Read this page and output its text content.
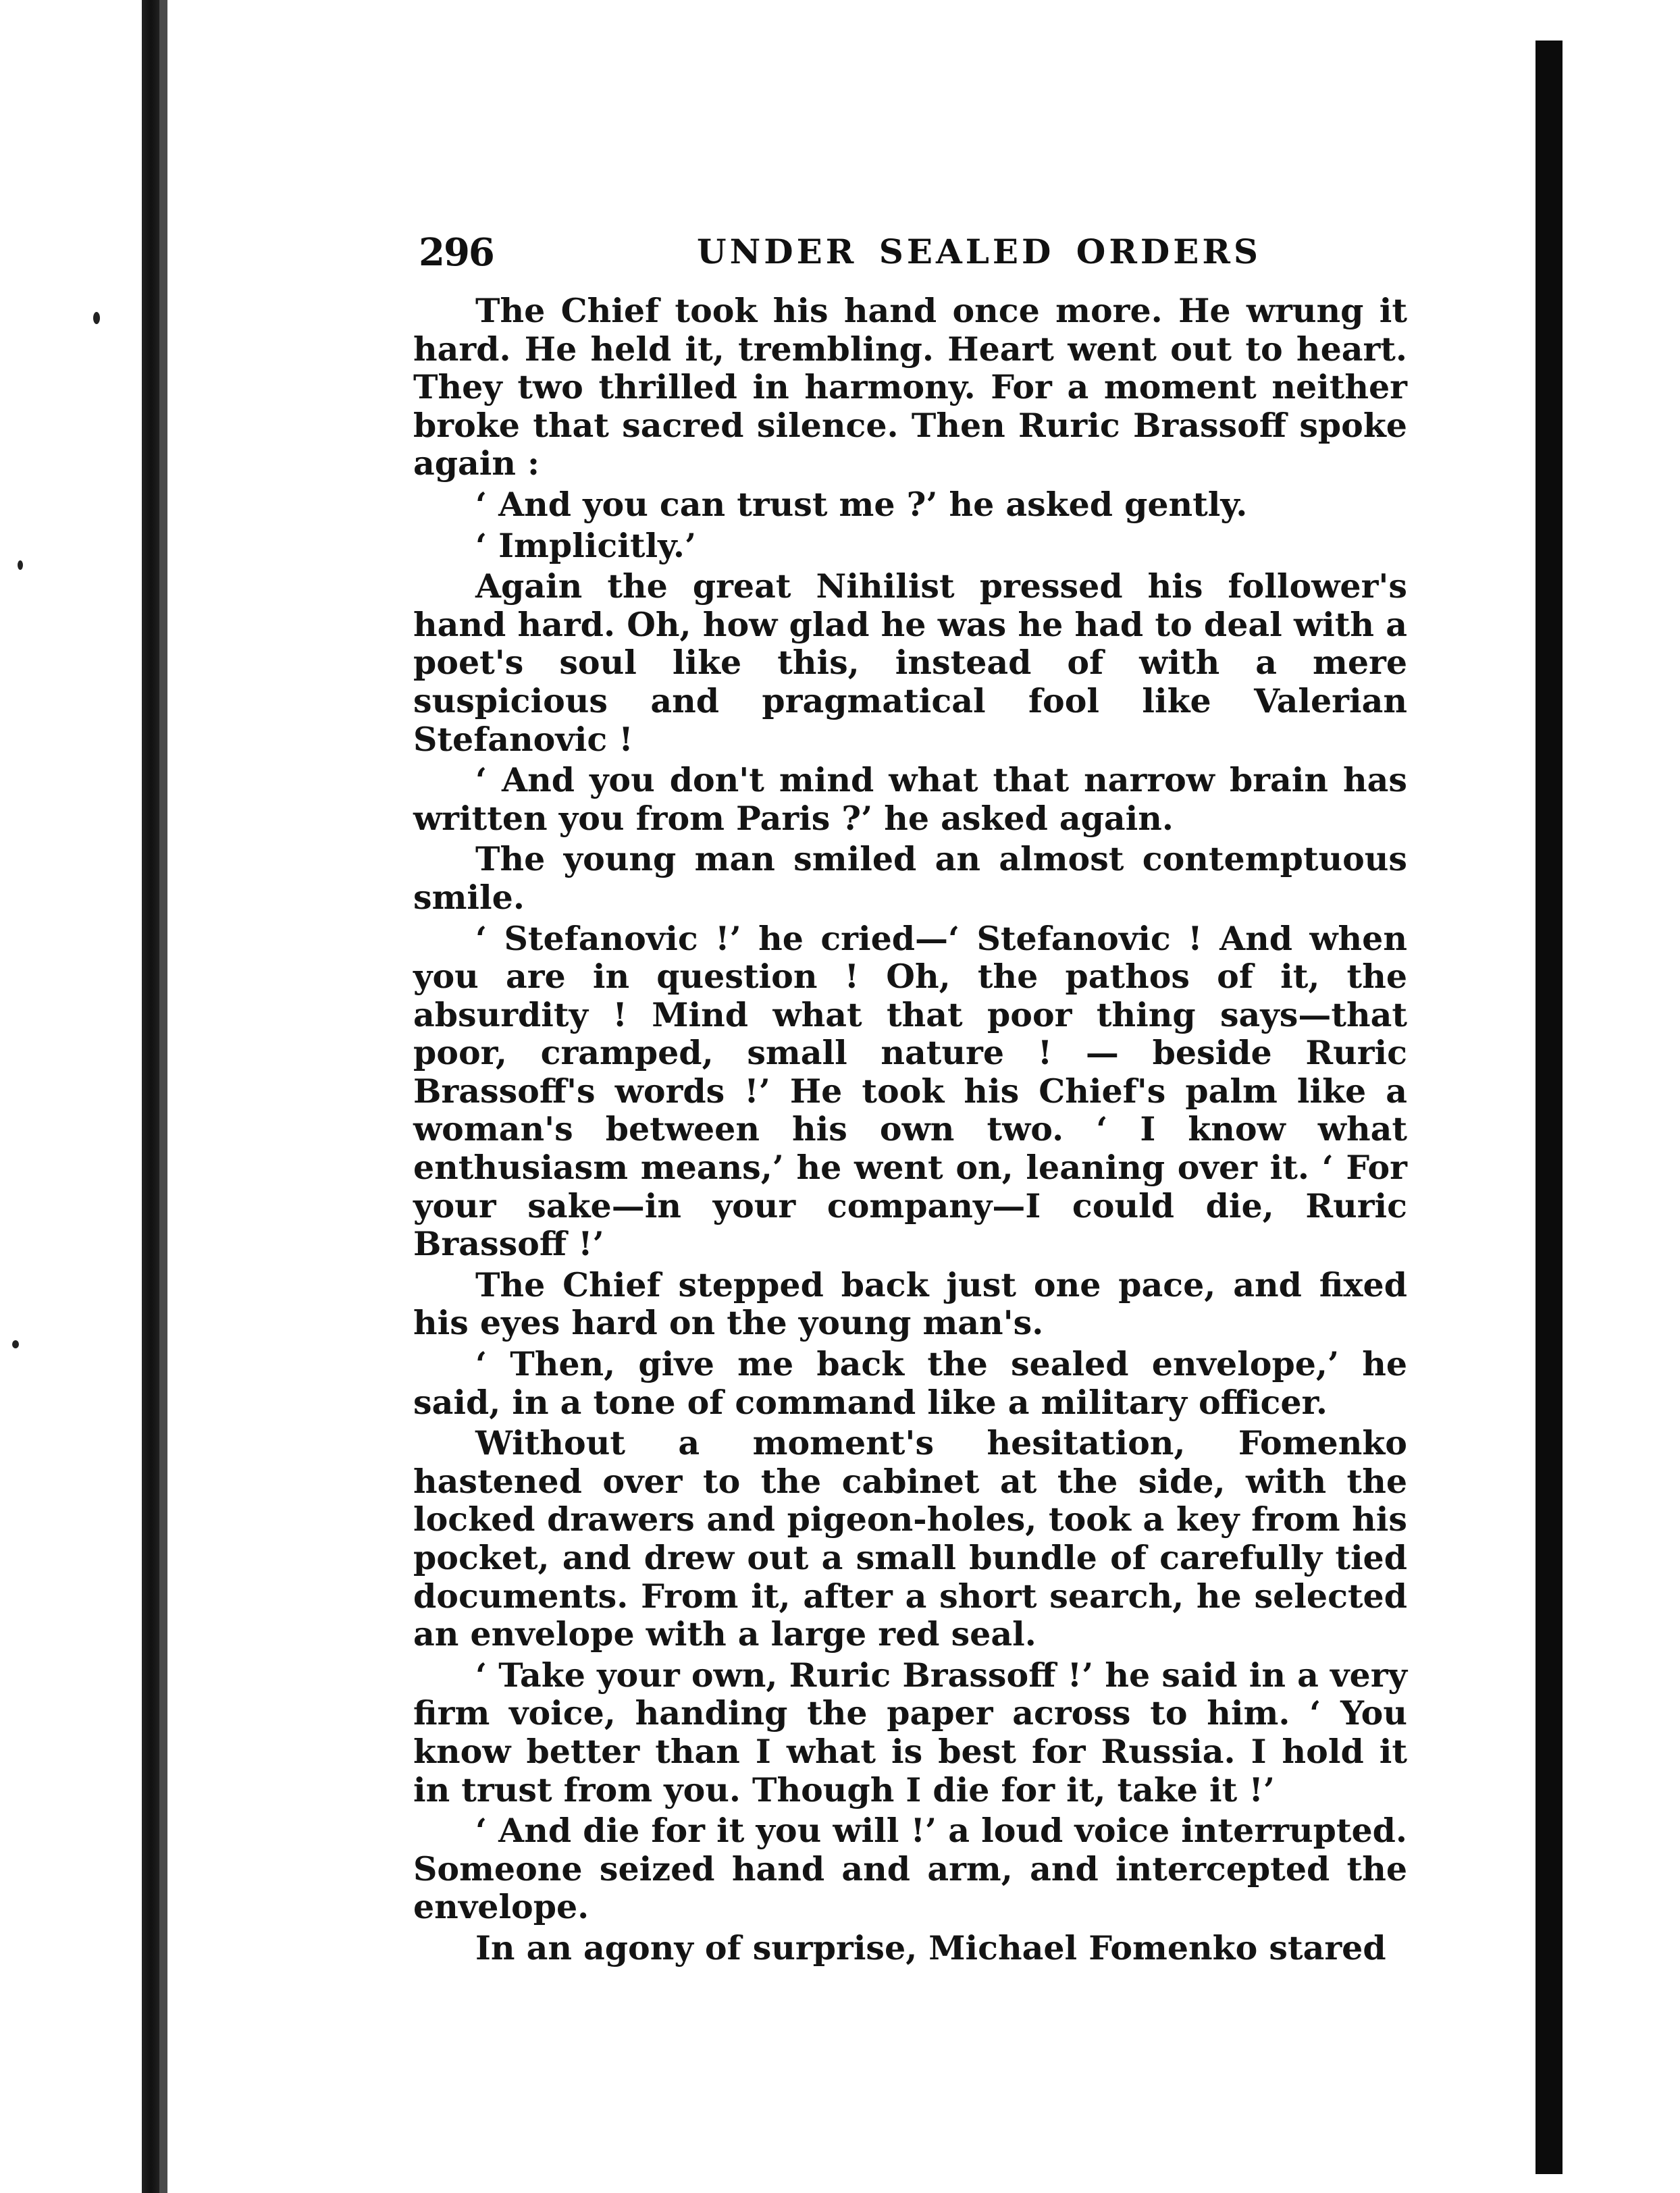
296	UNDER SEALED ORDERS

The Chief took his hand once more. He wrung it hard. He held it, trembling. Heart went out to heart. They two thrilled in harmony. For a moment neither broke that sacred silence. Then Ruric Brassoff spoke again :

‘ And you can trust me ?’ he asked gently.

‘ Implicitly.’

Again the great Nihilist pressed his follower's hand hard. Oh, how glad he was he had to deal with a poet's soul like this, instead of with a mere suspicious and pragmatical fool like Valerian Stefanovic !

‘ And you don't mind what that narrow brain has written you from Paris ?’ he asked again.

The young man smiled an almost contemptuous smile.

‘ Stefanovic !’ he cried—‘ Stefanovic ! And when you are in question ! Oh, the pathos of it, the absurdity ! Mind what that poor thing says—that poor, cramped, small nature ! — beside Ruric Brassoff's words !’ He took his Chief's palm like a woman's between his own two. ‘ I know what enthusiasm means,’ he went on, leaning over it. ‘ For your sake—in your company—I could die, Ruric Brassoff !’

The Chief stepped back just one pace, and fixed his eyes hard on the young man's.

‘ Then, give me back the sealed envelope,’ he said, in a tone of command like a military officer.

Without a moment's hesitation, Fomenko hastened over to the cabinet at the side, with the locked drawers and pigeon-holes, took a key from his pocket, and drew out a small bundle of carefully tied documents. From it, after a short search, he selected an envelope with a large red seal.

‘ Take your own, Ruric Brassoff !’ he said in a very firm voice, handing the paper across to him. ‘ You know better than I what is best for Russia. I hold it in trust from you. Though I die for it, take it !’

‘ And die for it you will !’ a loud voice interrupted. Someone seized hand and arm, and intercepted the envelope.

In an agony of surprise, Michael Fomenko stared
